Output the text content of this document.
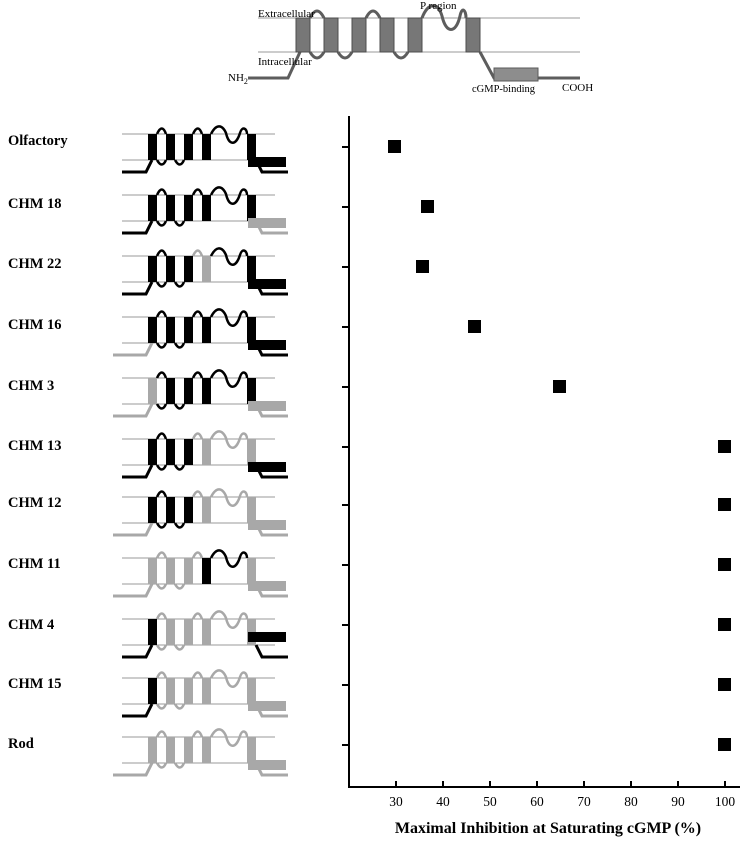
Extracellular
Intracellular
P region
$NH_2$
COOH
cGMP-binding
Olfactory
CHM 18
CHM 22
CHM 16
CHM 3
CHM 13
CHM 12
CHM 11
CHM 4
CHM 15
Rod
30	40	50	60	70	80	90	100
Maximal Inhibition at Saturating cGMP (%)
